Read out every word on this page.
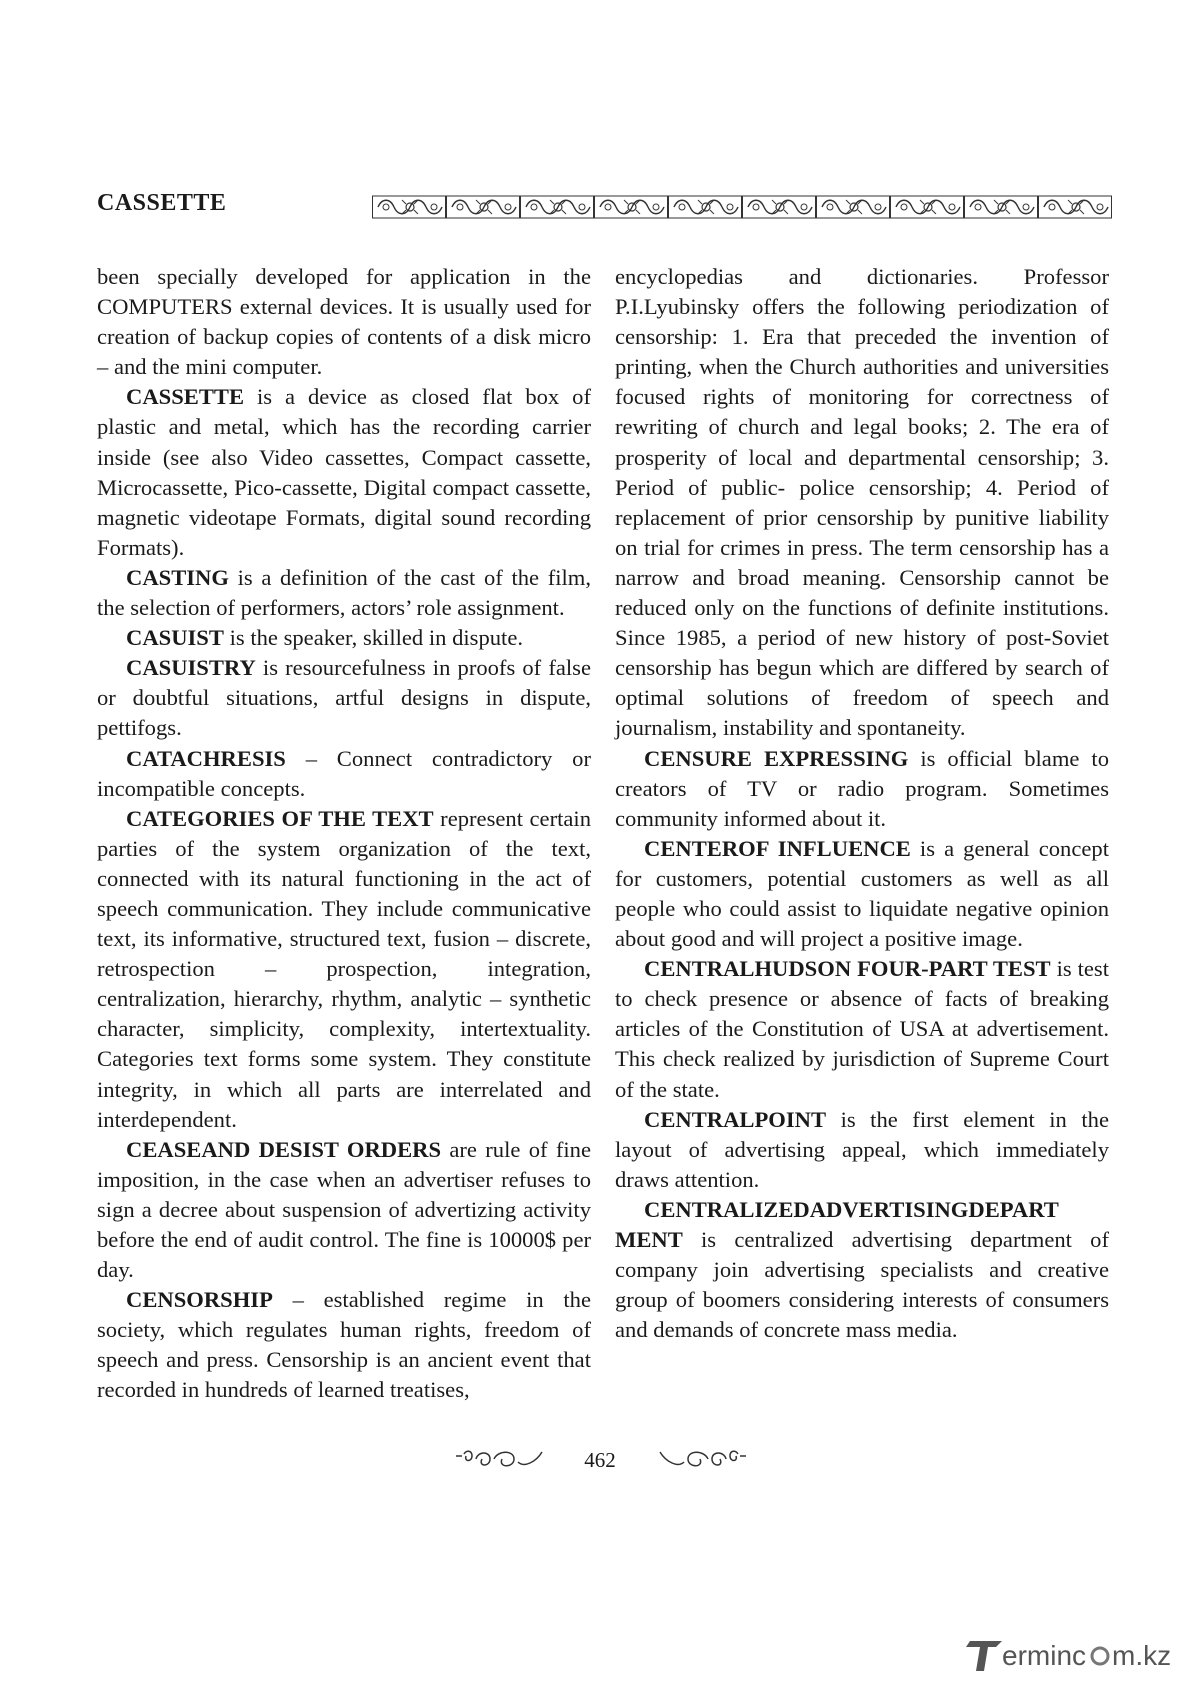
CASSETTE

been specially developed for application in the COMPUTERS external devices. It is usually used for creation of backup copies of contents of a disk micro – and the mini computer.

CASSETTE is a device as closed flat box of plastic and metal, which has the recording carrier inside (see also Video cassettes, Compact cassette, Microcassette, Pico-cassette, Digital compact cassette, magnetic videotape Formats, digital sound recording Formats).

CASTING is a definition of the cast of the film, the selection of performers, actors’ role assignment.

CASUIST is the speaker, skilled in dispute.

CASUISTRY is resourcefulness in proofs of false or doubtful situations, artful designs in dispute, pettifogs.

CATACHRESIS – Connect contradictory or incompatible concepts.

CATEGORIES OF THE TEXT represent certain parties of the system organization of the text, connected with its natural functioning in the act of speech communication. They include communicative text, its informative, structured text, fusion – discrete, retrospection – prospection, integration, centralization, hierarchy, rhythm, analytic – synthetic character, simplicity, complexity, intertextuality. Categories text forms some system. They constitute integrity, in which all parts are interrelated and interdependent.

CEASEAND DESIST ORDERS are rule of fine imposition, in the case when an advertiser refuses to sign a decree about suspension of advertizing activity before the end of audit control. The fine is 10000$ per day.

CENSORSHIP – established regime in the society, which regulates human rights, freedom of speech and press. Censorship is an ancient event that recorded in hundreds of learned treatises,

encyclopedias and dictionaries. Professor P.I.Lyubinsky offers the following periodization of censorship: 1. Era that preceded the invention of printing, when the Church authorities and universities focused rights of monitoring for correctness of rewriting of church and legal books; 2. The era of prosperity of local and departmental censorship; 3. Period of public- police censorship; 4. Period of replacement of prior censorship by punitive liability on trial for crimes in press. The term censorship has a narrow and broad meaning. Censorship cannot be reduced only on the functions of definite institutions. Since 1985, a period of new history of post-Soviet censorship has begun which are differed by search of optimal solutions of freedom of speech and journalism, instability and spontaneity.

CENSURE EXPRESSING is official blame to creators of TV or radio program. Sometimes community informed about it.

CENTEROF INFLUENCE is a general concept for customers, potential customers as well as all people who could assist to liquidate negative opinion about good and will project a positive image.

CENTRALHUDSON FOUR-PART TEST is test to check presence or absence of facts of breaking articles of the Constitution of USA at advertisement. This check realized by jurisdiction of Supreme Court of the state.

CENTRALPOINT is the first element in the layout of advertising appeal, which immediately draws attention.

CENTRALIZEDADVERTISINGDEPART MENT is centralized advertising department of company join advertising specialists and creative group of boomers considering interests of consumers and demands of concrete mass media.

462
erminc m.kz
